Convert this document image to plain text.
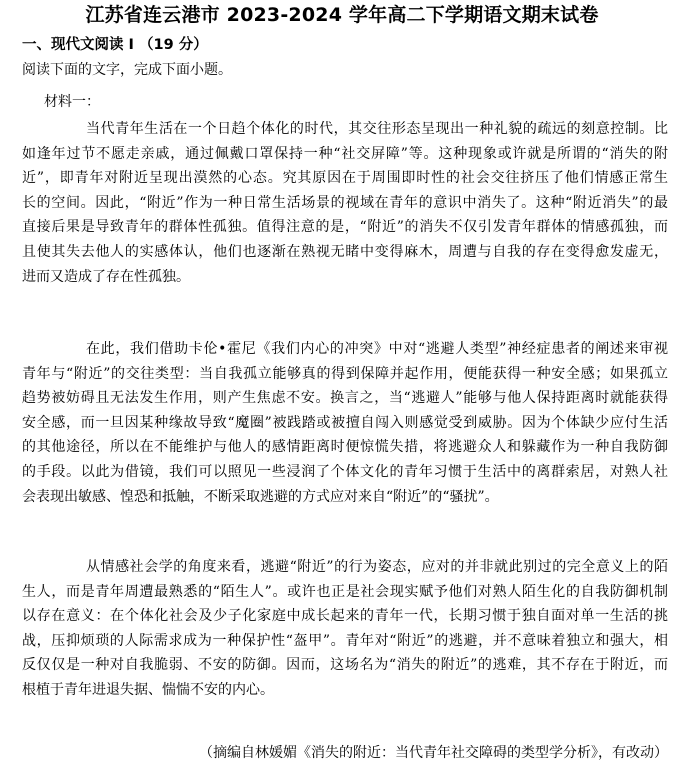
江苏省连云港市 2023-2024 学年高二下学期语文期末试卷
一、现代文阅读 I （19 分）
阅读下面的文字，完成下面小题。
材料一：
当代青年生活在一个日趋个体化的时代，其交往形态呈现出一种礼貌的疏远的刻意控制。比
如逢年过节不愿走亲戚，通过佩戴口罩保持一种“社交屏障”等。这种现象或许就是所谓的“消失的附
近”，即青年对附近呈现出漠然的心态。究其原因在于周围即时性的社会交往挤压了他们情感正常生
长的空间。因此，“附近”作为一种日常生活场景的视域在青年的意识中消失了。这种“附近消失”的最
直接后果是导致青年的群体性孤独。值得注意的是，“附近”的消失不仅引发青年群体的情感孤独，而
且使其失去他人的实感体认，他们也逐渐在熟视无睹中变得麻木，周遭与自我的存在变得愈发虚无，
进而又造成了存在性孤独。
在此，我们借助卡伦•霍尼《我们内心的冲突》中对“逃避人类型”神经症患者的阐述来审视
青年与“附近”的交往类型：当自我孤立能够真的得到保障并起作用，便能获得一种安全感；如果孤立
趋势被妨碍且无法发生作用，则产生焦虑不安。换言之，当“逃避人”能够与他人保持距离时就能获得
安全感，而一旦因某种缘故导致“魔圈”被践踏或被擅自闯入则感觉受到威胁。因为个体缺少应付生活
的其他途径，所以在不能维护与他人的感情距离时便惊慌失措，将逃避众人和躲藏作为一种自我防御
的手段。以此为借镜，我们可以照见一些浸润了个体文化的青年习惯于生活中的离群索居，对熟人社
会表现出敏感、惶恐和抵触，不断采取逃避的方式应对来自“附近”的“骚扰”。
从情感社会学的角度来看，逃避“附近”的行为姿态，应对的并非就此别过的完全意义上的陌
生人，而是青年周遭最熟悉的“陌生人”。或许也正是社会现实赋予他们对熟人陌生化的自我防御机制
以存在意义：在个体化社会及少子化家庭中成长起来的青年一代，长期习惯于独自面对单一生活的挑
战，压抑烦琐的人际需求成为一种保护性“盔甲”。青年对“附近”的逃避，并不意味着独立和强大，相
反仅仅是一种对自我脆弱、不安的防御。因而，这场名为“消失的附近”的逃难，其不存在于附近，而
根植于青年进退失据、惴惴不安的内心。
（摘编自林媛媚《消失的附近：当代青年社交障碍的类型学分析》，有改动）
